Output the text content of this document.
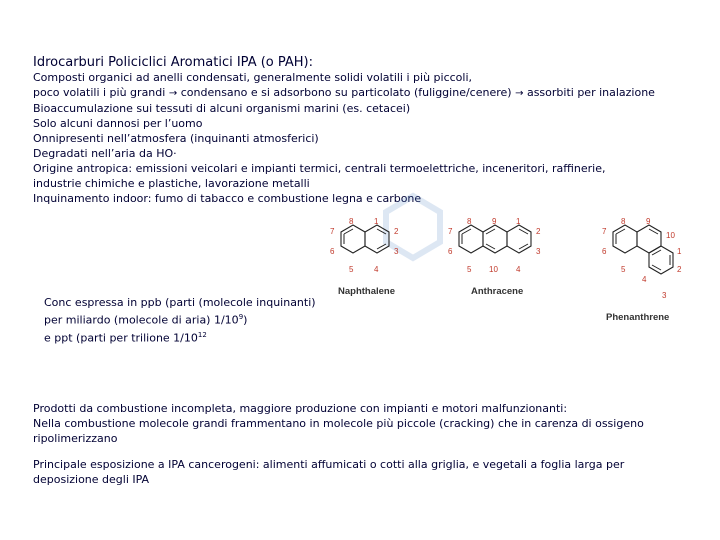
Idrocarburi Policiclici Aromatici IPA (o PAH):
Composti organici ad anelli condensati, generalmente solidi volatili i più piccoli,
poco volatili i più grandi → condensano e si adsorbono su particolato (fuliggine/cenere) → assorbiti per inalazione
Bioaccumulazione sui tessuti di alcuni organismi marini (es. cetacei)
Solo alcuni dannosi per l’uomo
Onnipresenti nell’atmosfera (inquinanti atmosferici)
Degradati nell’aria da HO·
Origine antropica: emissioni veicolari e impianti termici, centrali termoelettriche, inceneritori, raffinerie,
industrie chimiche e plastiche, lavorazione metalli
Inquinamento indoor: fumo di tabacco e combustione legna e carbone
8	1
7	2
6	3
5	4
Naphthalene
8	9 1
7	2
6	3
5 10 4
Anthracene
8	9
7	10
6	1
5	2
4
3
Phenanthrene
Conc espressa in ppb (parti (molecole inquinanti)
per miliardo (molecole di aria) $1/10^9$)
e ppt (parti per trilione $1/10^{12}$
Prodotti da combustione incompleta, maggiore produzione con impianti e motori malfunzionanti:
Nella combustione molecole grandi frammentano in molecole più piccole (cracking) che in carenza di ossigeno
ripolimerizzano
Principale esposizione a IPA cancerogeni: alimenti affumicati o cotti alla griglia, e vegetali a foglia larga per
deposizione degli IPA
